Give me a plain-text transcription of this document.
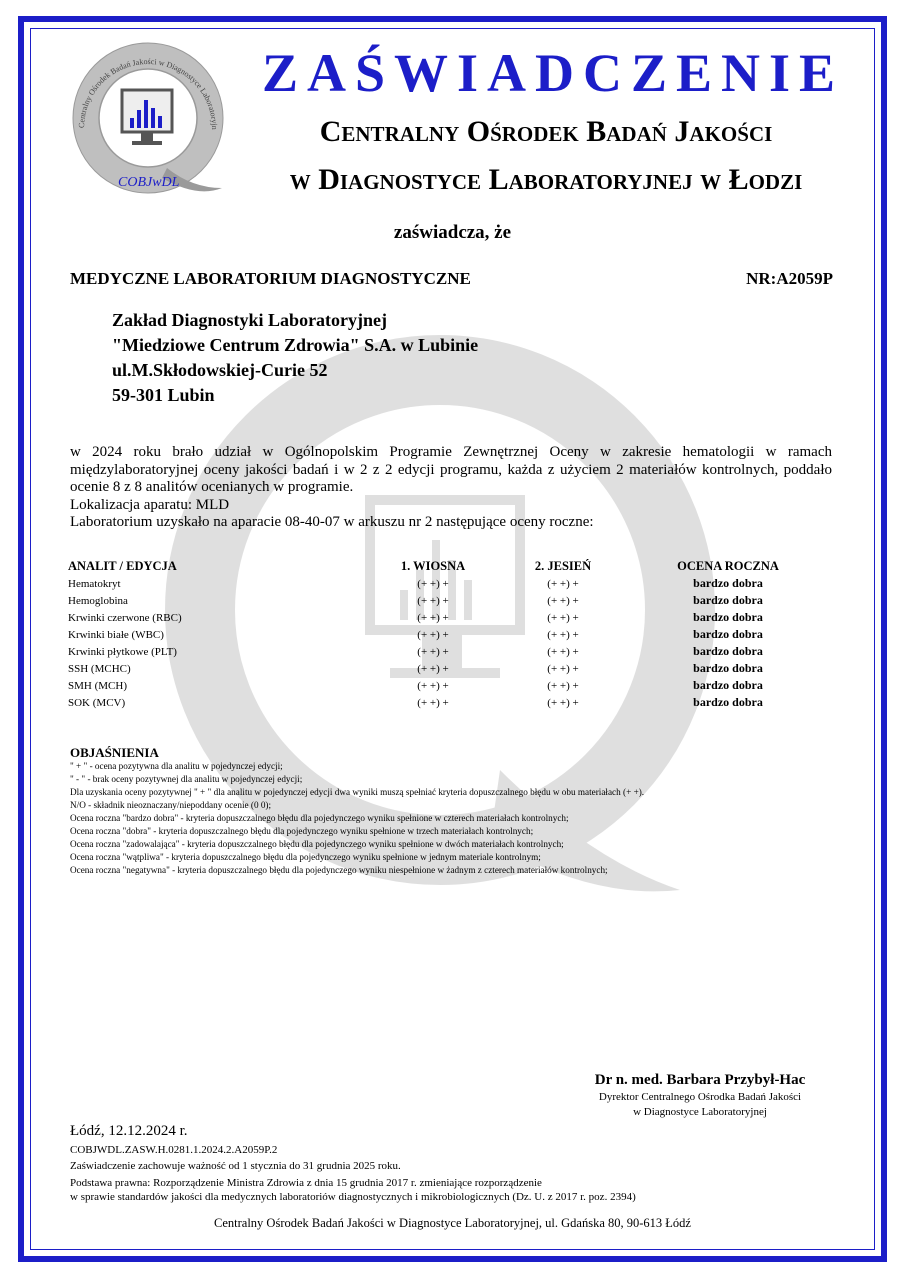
Centralny Ośrodek Badań Jakości w Diagnostyce Laboratoryjn
COBJwDL
ZAŚWIADCZENIE
Centralny Ośrodek Badań Jakości
w Diagnostyce Laboratoryjnej w Łodzi
zaświadcza, że
MEDYCZNE LABORATORIUM DIAGNOSTYCZNE	NR:A2059P
Zakład Diagnostyki Laboratoryjnej
"Miedziowe Centrum Zdrowia" S.A. w Lubinie
ul.M.Skłodowskiej-Curie 52
59-301 Lubin

w 2024 roku brało udział w Ogólnopolskim Programie Zewnętrznej Oceny w zakresie hematologii w ramach międzylaboratoryjnej oceny jakości badań i w 2 z 2 edycji programu, każda z użyciem 2 materiałów kontrolnych, poddało ocenie 8 z 8 analitów ocenianych w programie.

Lokalizacja aparatu: MLD

Laboratorium uzyskało na aparacie 08-40-07 w arkuszu nr 2 następujące oceny roczne:

ANALIT / EDYCJA	1. WIOSNA	2. JESIEŃ	OCENA ROCZNA
Hematokryt	(+ +) +	(+ +) +	bardzo dobra
Hemoglobina	(+ +) +	(+ +) +	bardzo dobra
Krwinki czerwone (RBC)	(+ +) +	(+ +) +	bardzo dobra
Krwinki białe (WBC)	(+ +) +	(+ +) +	bardzo dobra
Krwinki płytkowe (PLT)	(+ +) +	(+ +) +	bardzo dobra
SSH (MCHC)	(+ +) +	(+ +) +	bardzo dobra
SMH (MCH)	(+ +) +	(+ +) +	bardzo dobra
SOK (MCV)	(+ +) +	(+ +) +	bardzo dobra
OBJAŚNIENIA
" + " - ocena pozytywna dla analitu w pojedynczej edycji;
" - " - brak oceny pozytywnej dla analitu w pojedynczej edycji;
Dla uzyskania oceny pozytywnej " + " dla analitu w pojedynczej edycji dwa wyniki muszą spełniać kryteria dopuszczalnego błędu w obu materiałach (+ +).
N/O - składnik nieoznaczany/niepoddany ocenie (0 0);
Ocena roczna "bardzo dobra" - kryteria dopuszczalnego błędu dla pojedynczego wyniku spełnione w czterech materiałach kontrolnych;
Ocena roczna "dobra" - kryteria dopuszczalnego błędu dla pojedynczego wyniku spełnione w trzech materiałach kontrolnych;
Ocena roczna "zadowalająca" - kryteria dopuszczalnego błędu dla pojedynczego wyniku spełnione w dwóch materiałach kontrolnych;
Ocena roczna "wątpliwa" - kryteria dopuszczalnego błędu dla pojedynczego wyniku spełnione w jednym materiale kontrolnym;
Ocena roczna "negatywna" - kryteria dopuszczalnego błędu dla pojedynczego wyniku niespełnione w żadnym z czterech materiałów kontrolnych;
Dr n. med. Barbara Przybył-Hac
Dyrektor Centralnego Ośrodka Badań Jakości
w Diagnostyce Laboratoryjnej
Łódź, 12.12.2024 r.
COBJWDL.ZASW.H.0281.1.2024.2.A2059P.2
Zaświadczenie zachowuje ważność od 1 stycznia do 31 grudnia 2025 roku.
Podstawa prawna: Rozporządzenie Ministra Zdrowia z dnia 15 grudnia 2017 r. zmieniające rozporządzenie
w sprawie standardów jakości dla medycznych laboratoriów diagnostycznych i mikrobiologicznych (Dz. U. z 2017 r. poz. 2394)
Centralny Ośrodek Badań Jakości w Diagnostyce Laboratoryjnej, ul. Gdańska 80, 90-613 Łódź
